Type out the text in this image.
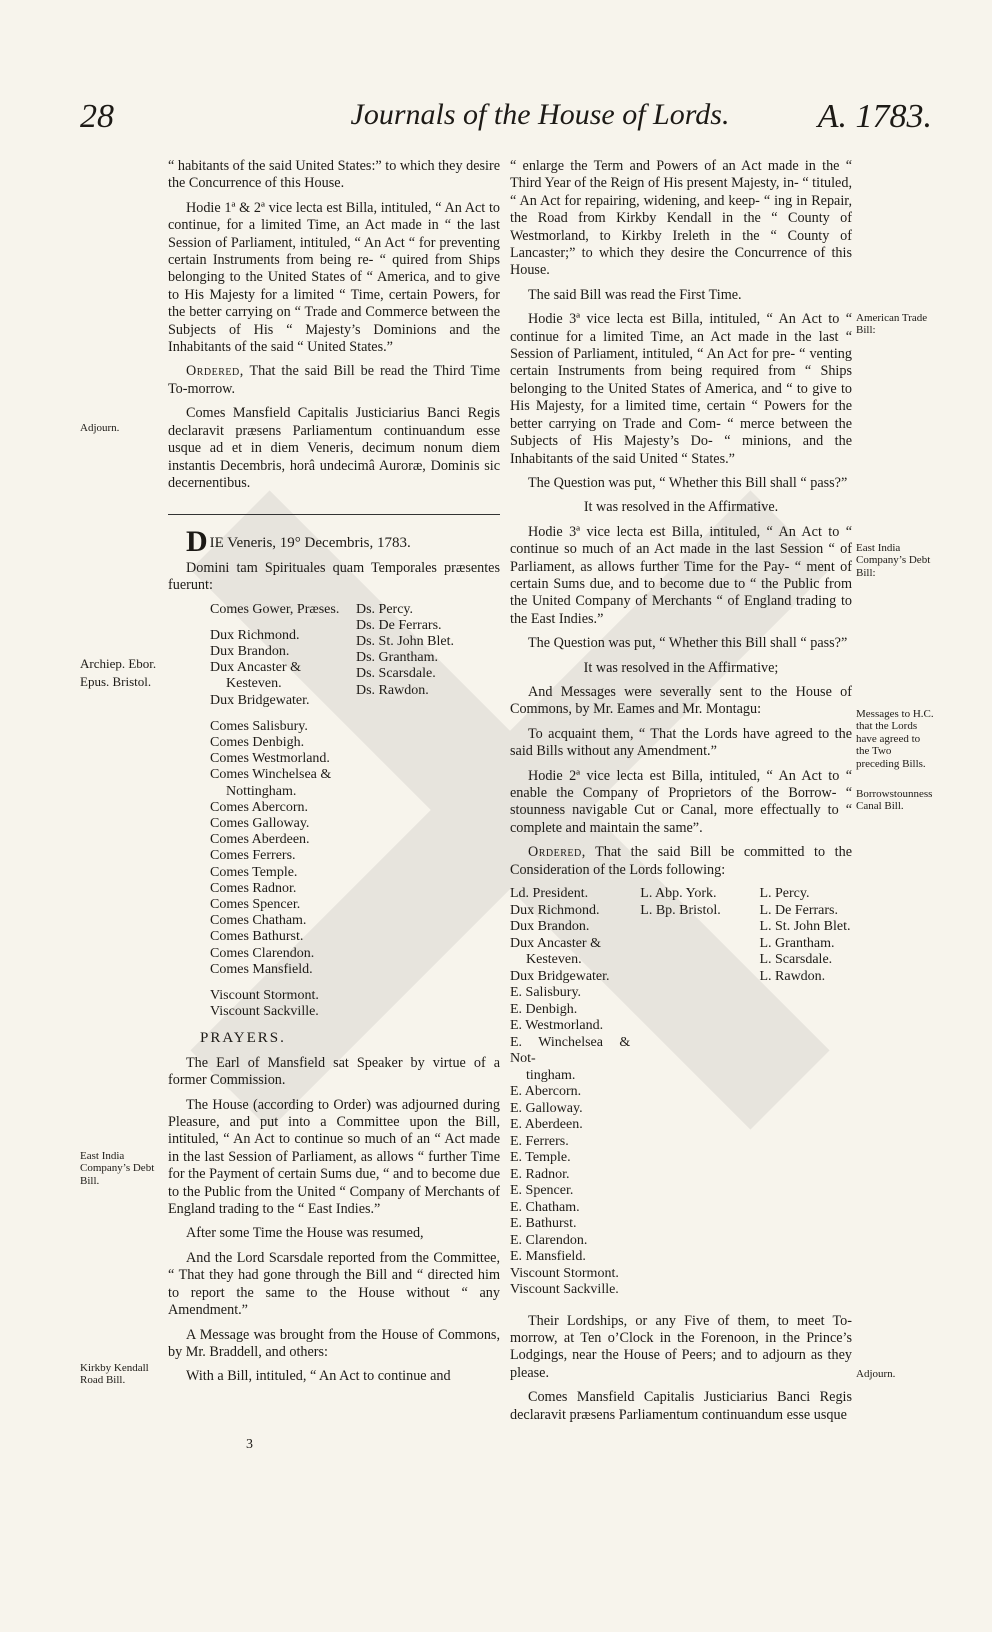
28	Journals of the House of Lords.	A. 1783.

“ habitants of the said United States:” to which they desire the Concurrence of this House.

Hodie 1ª & 2ª vice lecta est Billa, intituled, “ An Act to continue, for a limited Time, an Act made in “ the last Session of Parliament, intituled, “ An Act “ for preventing certain Instruments from being re- “ quired from Ships belonging to the United States of “ America, and to give to His Majesty for a limited “ Time, certain Powers, for the better carrying on “ Trade and Commerce between the Subjects of His “ Majesty’s Dominions and the Inhabitants of the said “ United States.”

Ordered, That the said Bill be read the Third Time To-morrow.

Comes Mansfield Capitalis Justiciarius Banci Regis declaravit præsens Parliamentum continuandum esse usque ad et in diem Veneris, decimum nonum diem instantis Decembris, horâ undecimâ Auroræ, Dominis sic decernentibus.

DIE Veneris, 19° Decembris, 1783.

Domini tam Spirituales quam Temporales præsentes fuerunt:

Comes Gower, Præses.
Dux Richmond.
Dux Brandon.
Dux Ancaster &
Kesteven.
Dux Bridgewater.
Comes Salisbury.
Comes Denbigh.
Comes Westmorland.
Comes Winchelsea &
Nottingham.
Comes Abercorn.
Comes Galloway.
Comes Aberdeen.
Comes Ferrers.
Comes Temple.
Comes Radnor.
Comes Spencer.
Comes Chatham.
Comes Bathurst.
Comes Clarendon.
Comes Mansfield.
Viscount Stormont.
Viscount Sackville.
Ds. Percy.
Ds. De Ferrars.
Ds. St. John Blet.
Ds. Grantham.
Ds. Scarsdale.
Ds. Rawdon.

PRAYERS.

The Earl of Mansfield sat Speaker by virtue of a former Commission.

The House (according to Order) was adjourned during Pleasure, and put into a Committee upon the Bill, intituled, “ An Act to continue so much of an “ Act made in the last Session of Parliament, as allows “ further Time for the Payment of certain Sums due, “ and to become due to the Public from the United “ Company of Merchants of England trading to the “ East Indies.”

After some Time the House was resumed,

And the Lord Scarsdale reported from the Committee, “ That they had gone through the Bill and “ directed him to report the same to the House without “ any Amendment.”

A Message was brought from the House of Commons, by Mr. Braddell, and others:

With a Bill, intituled, “ An Act to continue and

3

“ enlarge the Term and Powers of an Act made in the “ Third Year of the Reign of His present Majesty, in- “ tituled, “ An Act for repairing, widening, and keep- “ ing in Repair, the Road from Kirkby Kendall in the “ County of Westmorland, to Kirkby Ireleth in the “ County of Lancaster;” to which they desire the Concurrence of this House.

The said Bill was read the First Time.

Hodie 3ª vice lecta est Billa, intituled, “ An Act to “ continue for a limited Time, an Act made in the last “ Session of Parliament, intituled, “ An Act for pre- “ venting certain Instruments from being required from “ Ships belonging to the United States of America, and “ to give to His Majesty, for a limited time, certain “ Powers for the better carrying on Trade and Com- “ merce between the Subjects of His Majesty’s Do- “ minions, and the Inhabitants of the said United “ States.”

The Question was put, “ Whether this Bill shall “ pass?”

It was resolved in the Affirmative.

Hodie 3ª vice lecta est Billa, intituled, “ An Act to “ continue so much of an Act made in the last Session “ of Parliament, as allows further Time for the Pay- “ ment of certain Sums due, and to become due to “ the Public from the United Company of Merchants “ of England trading to the East Indies.”

The Question was put, “ Whether this Bill shall “ pass?”

It was resolved in the Affirmative;

And Messages were severally sent to the House of Commons, by Mr. Eames and Mr. Montagu:

To acquaint them, “ That the Lords have agreed to the said Bills without any Amendment.”

Hodie 2ª vice lecta est Billa, intituled, “ An Act to “ enable the Company of Proprietors of the Borrow- “ stounness navigable Cut or Canal, more effectually to “ complete and maintain the same”.

Ordered, That the said Bill be committed to the Consideration of the Lords following:

Ld. President.
Dux Richmond.
Dux Brandon.
Dux Ancaster &
Kesteven.
Dux Bridgewater.
E. Salisbury.
E. Denbigh.
E. Westmorland.
E. Winchelsea & Not-
tingham.
E. Abercorn.
E. Galloway.
E. Aberdeen.
E. Ferrers.
E. Temple.
E. Radnor.
E. Spencer.
E. Chatham.
E. Bathurst.
E. Clarendon.
E. Mansfield.
Viscount Stormont.
Viscount Sackville.
L. Abp. York.
L. Bp. Bristol.
L. Percy.
L. De Ferrars.
L. St. John Blet.
L. Grantham.
L. Scarsdale.
L. Rawdon.

Their Lordships, or any Five of them, to meet To-morrow, at Ten o’Clock in the Forenoon, in the Prince’s Lodgings, near the House of Peers; and to adjourn as they please.

Comes Mansfield Capitalis Justiciarius Banci Regis declaravit præsens Parliamentum continuandum esse usque

Adjourn.
Archiep. Ebor.
Epus. Bristol.
East India Company’s Debt Bill.
Kirkby Kendall Road Bill.
American Trade Bill:
East India Company’s Debt Bill:
Messages to H.C. that the Lords have agreed to the Two preceding Bills.
Borrowstounness Canal Bill.
Adjourn.
